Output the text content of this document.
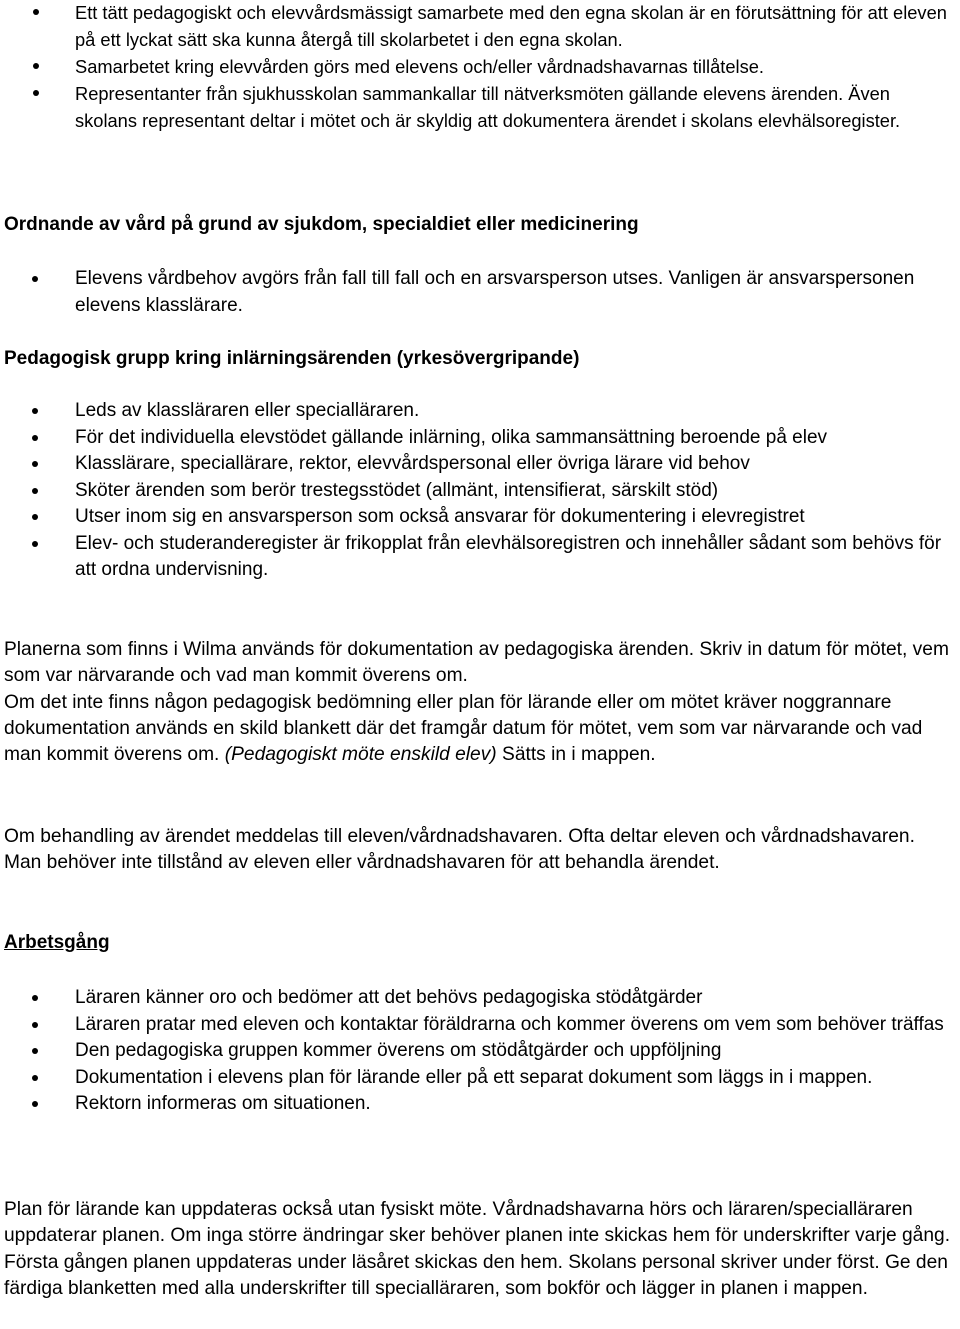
Ett tätt pedagogiskt och elevvårdsmässigt samarbete med den egna skolan är en förutsättning för att eleven på ett lyckat sätt ska kunna återgå till skolarbetet i den egna skolan.
Samarbetet kring elevvården görs med elevens och/eller vårdnadshavarnas tillåtelse.
Representanter från sjukhusskolan sammankallar till nätverksmöten gällande elevens ärenden. Även skolans representant deltar i mötet och är skyldig att dokumentera ärendet i skolans elevhälsoregister.
Ordnande av vård på grund av sjukdom, specialdiet eller medicinering
Elevens vårdbehov avgörs från fall till fall och en arsvarsperson utses. Vanligen är ansvarspersonen elevens klasslärare.
Pedagogisk grupp kring inlärningsärenden (yrkesövergripande)
Leds av klassläraren eller specialläraren.
För det individuella elevstödet gällande inlärning, olika sammansättning beroende på elev
Klasslärare, speciallärare, rektor, elevvårdspersonal eller övriga lärare vid behov
Sköter ärenden som berör trestegsstödet (allmänt, intensifierat, särskilt stöd)
Utser inom sig en ansvarsperson som också ansvarar för dokumentering i elevregistret
Elev- och studeranderegister är frikopplat från elevhälsoregistren och innehåller sådant som behövs för att ordna undervisning.

Planerna som finns i Wilma används för dokumentation av pedagogiska ärenden. Skriv in datum för mötet, vem som var närvarande och vad man kommit överens om.

Om det inte finns någon pedagogisk bedömning eller plan för lärande eller om mötet kräver noggrannare dokumentation används en skild blankett där det framgår datum för mötet, vem som var närvarande och vad man kommit överens om. (Pedagogiskt möte enskild elev) Sätts in i mappen.

Om behandling av ärendet meddelas till eleven/vårdnadshavaren. Ofta deltar eleven och vårdnadshavaren. Man behöver inte tillstånd av eleven eller vårdnadshavaren för att behandla ärendet.

Arbetsgång
Läraren känner oro och bedömer att det behövs pedagogiska stödåtgärder
Läraren pratar med eleven och kontaktar föräldrarna och kommer överens om vem som behöver träffas
Den pedagogiska gruppen kommer överens om stödåtgärder och uppföljning
Dokumentation i elevens plan för lärande eller på ett separat dokument som läggs in i mappen.
Rektorn informeras om situationen.

Plan för lärande kan uppdateras också utan fysiskt möte. Vårdnadshavarna hörs och läraren/specialläraren uppdaterar planen. Om inga större ändringar sker behöver planen inte skickas hem för underskrifter varje gång. Första gången planen uppdateras under läsåret skickas den hem. Skolans personal skriver under först. Ge den färdiga blanketten med alla underskrifter till specialläraren, som bokför och lägger in planen i mappen.
